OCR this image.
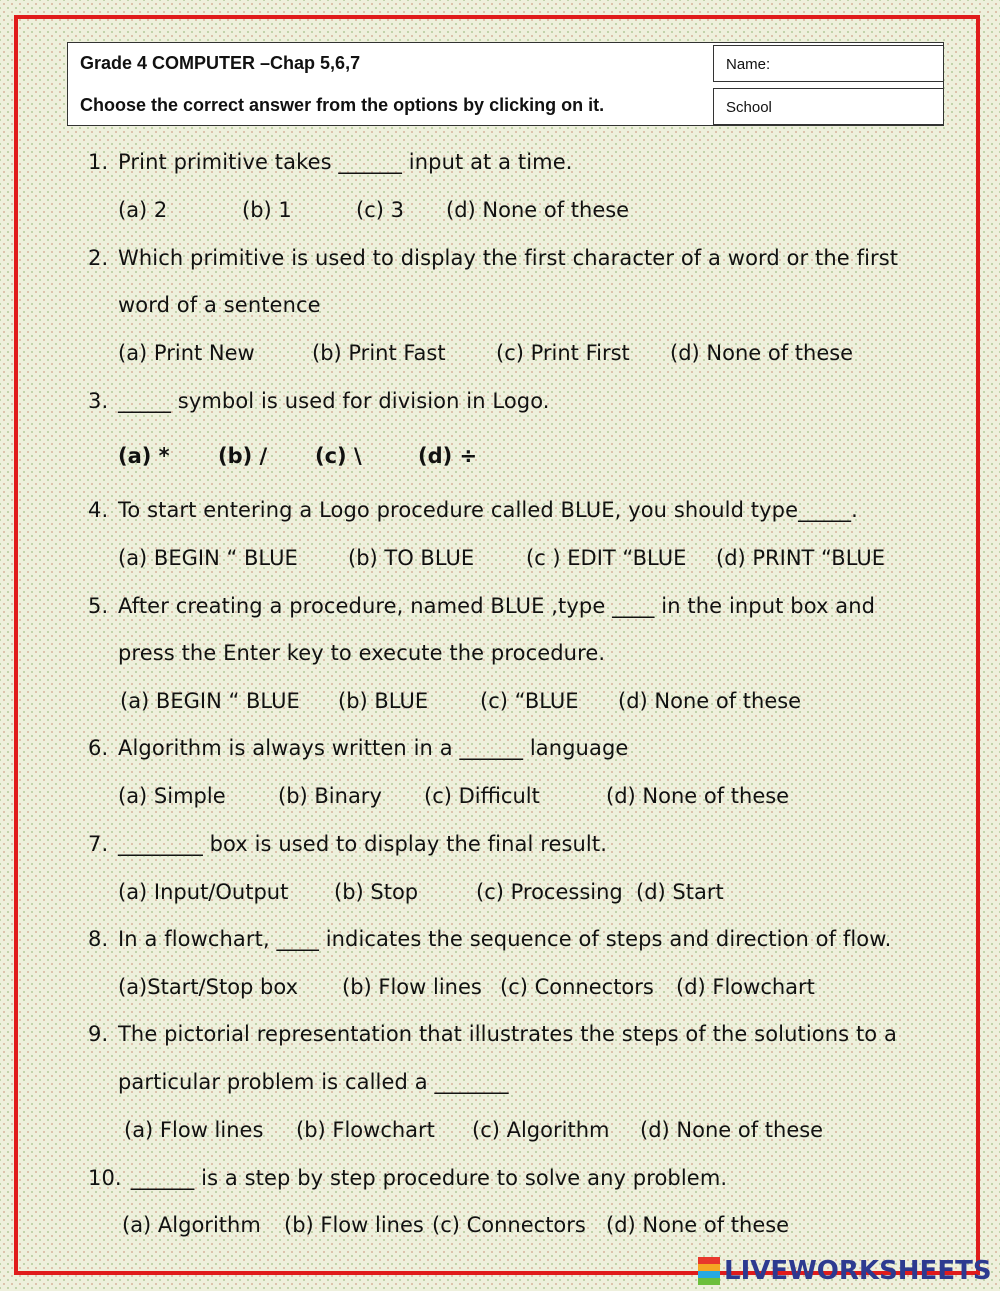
Grade 4 COMPUTER –Chap 5,6,7
Choose the correct answer from the options by clicking on it.
Name:
School
1. Print primitive takes ______ input at a time.
(a) 2	(b) 1	(c) 3 (d) None of these
2. Which primitive is used to display the first character of a word or the first
word of a sentence
(a) Print New	(b) Print Fast (c) Print First (d) None of these
3. _____ symbol is used for division in Logo.
(a) * (b) / (c) \	(d) ÷
4. To start entering a Logo procedure called BLUE, you should type_____.
(a) BEGIN “ BLUE (b) TO BLUE (c ) EDIT “BLUE (d) PRINT “BLUE
5. After creating a procedure, named BLUE ,type ____ in the input box and
press the Enter key to execute the procedure.
(a) BEGIN “ BLUE (b) BLUE (c) “BLUE (d) None of these
6. Algorithm is always written in a ______ language
(a) Simple (b) Binary (c) Difficult	(d) None of these
7. ________ box is used to display the final result.
(a) Input/Output (b) Stop	(c) Processing (d) Start
8. In a flowchart, ____ indicates the sequence of steps and direction of flow.
(a)Start/Stop box (b) Flow lines (c) Connectors (d) Flowchart
9. The pictorial representation that illustrates the steps of the solutions to a
particular problem is called a _______
(a) Flow lines (b) Flowchart (c) Algorithm (d) None of these
10. ______ is a step by step procedure to solve any problem.
(a) Algorithm (b) Flow lines (c) Connectors (d) None of these
LIVEWORKSHEETS
